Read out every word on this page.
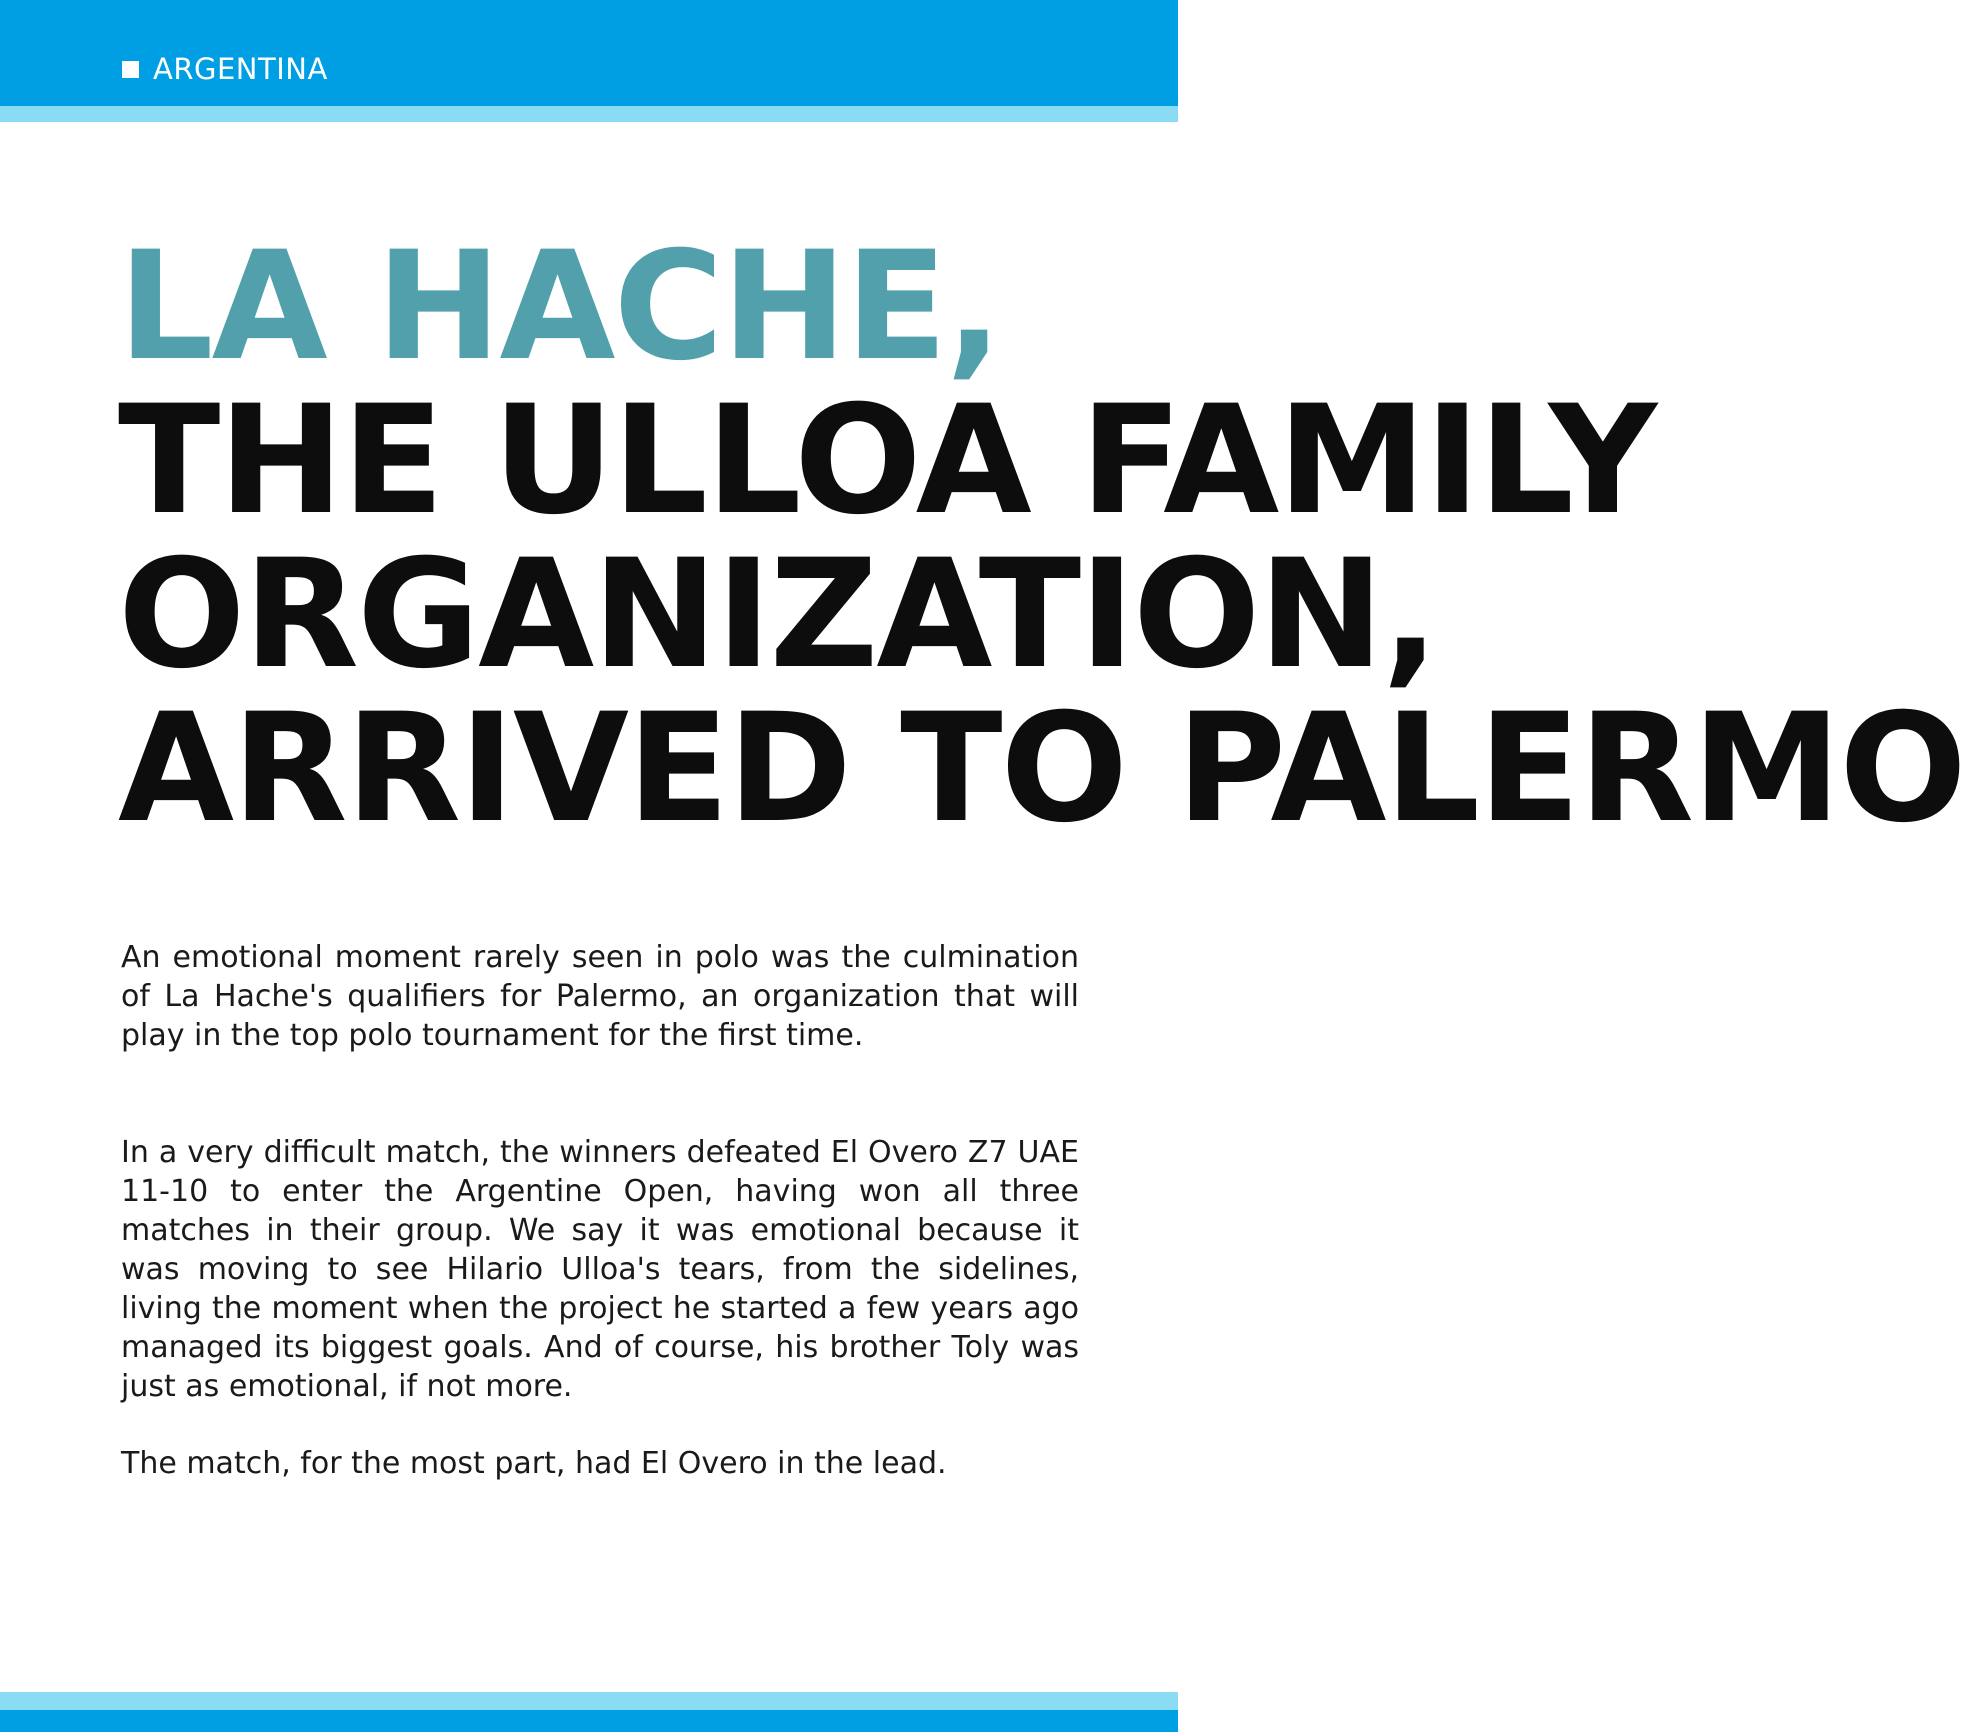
ARGENTINA
LA HACHE,
THE ULLOA FAMILY
ORGANIZATION,
ARRIVED TO PALERMO

An emotional moment rarely seen in polo was the culmination of La Hache's qualifiers for Palermo, an organization that will play in the top polo tournament for the first time.

In a very difficult match, the winners defeated El Overo Z7 UAE 11-10 to enter the Argentine Open, having won all three matches in their group. We say it was emotional because it was moving to see Hilario Ulloa's tears, from the sidelines, living the moment when the project he started a few years ago managed its biggest goals. And of course, his brother Toly was just as emotional, if not more.

The match, for the most part, had El Overo in the lead.
